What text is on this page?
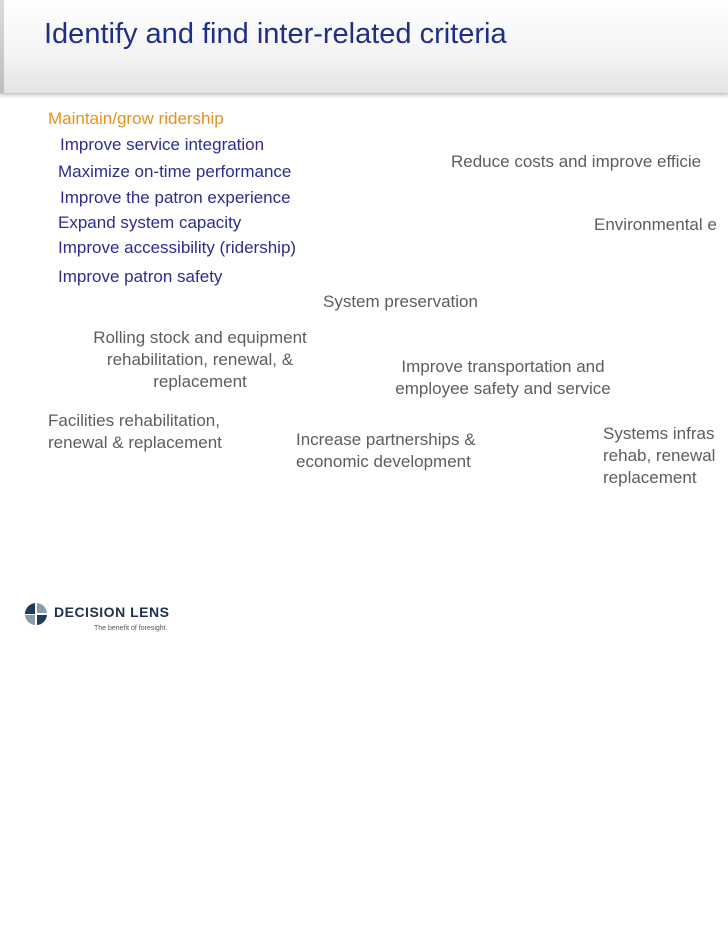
Identify and find inter-related criteria

Maintain/grow ridership

Improve service integration

Maximize on-time performance

Improve the patron experience

Expand system capacity

Improve accessibility (ridership)

Improve patron safety

Reduce costs and improve efficie

Environmental e

System preservation

Rolling stock and equipment
rehabilitation, renewal, &
replacement
Improve transportation and
employee safety and service
Facilities rehabilitation,
renewal & replacement	Increase partnerships &
economic development
Systems infras
rehab, renewal
replacement
DECISION LENS
The benefit of foresight.
